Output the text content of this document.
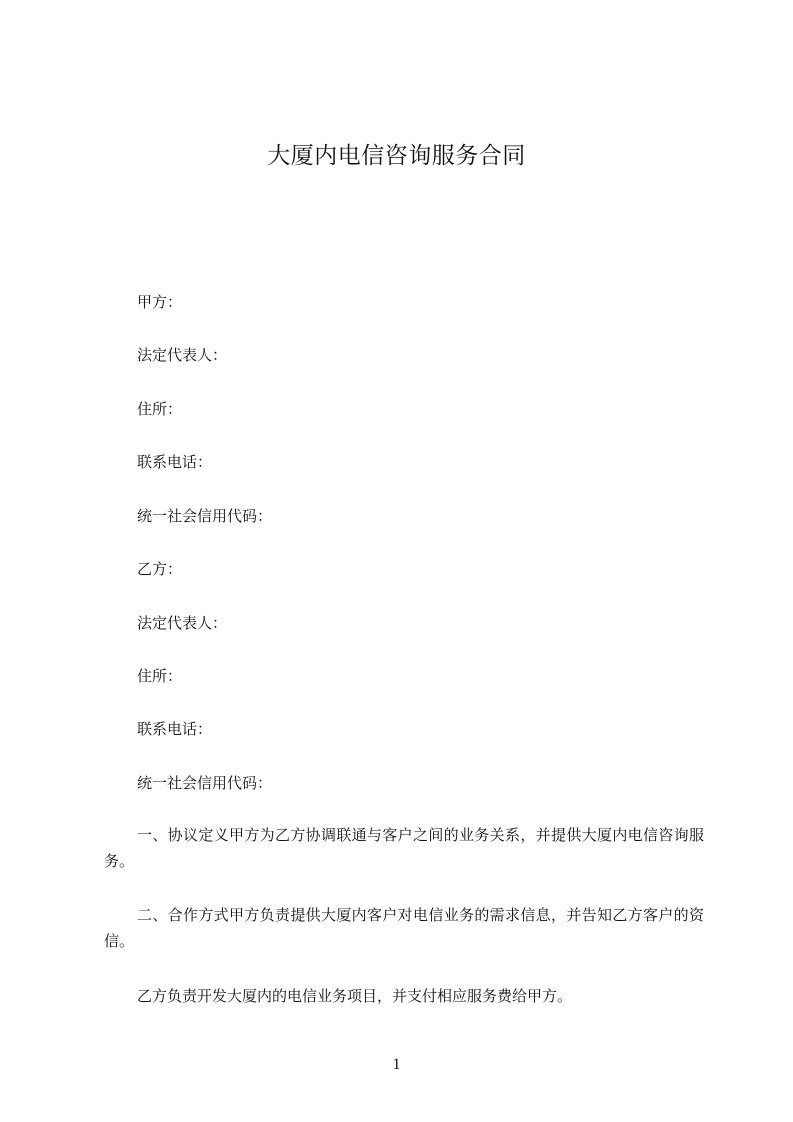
大厦内电信咨询服务合同
甲方：
法定代表人：
住所：
联系电话：
统一社会信用代码：
乙方：
法定代表人：
住所：
联系电话：
统一社会信用代码：
一、协议定义甲方为乙方协调联通与客户之间的业务关系，并提供大厦内电信咨询服务。
二、合作方式甲方负责提供大厦内客户对电信业务的需求信息，并告知乙方客户的资信。
乙方负责开发大厦内的电信业务项目，并支付相应服务费给甲方。
1
